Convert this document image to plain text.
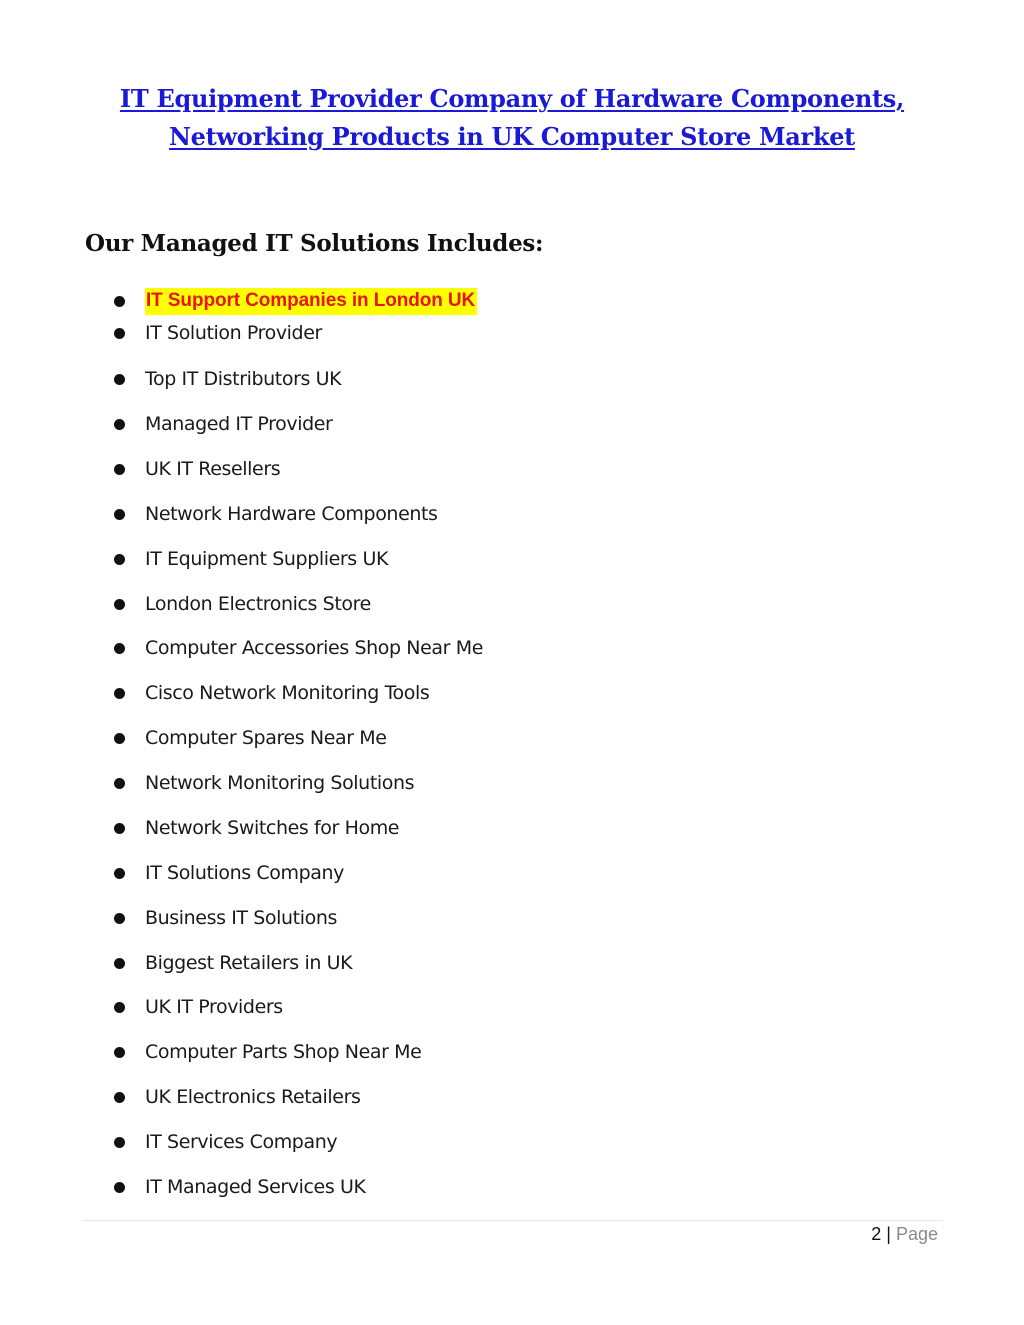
IT Equipment Provider Company of Hardware Components,
Networking Products in UK Computer Store Market
Our Managed IT Solutions Includes:
IT Support Companies in London UK
IT Solution Provider
Top IT Distributors UK
Managed IT Provider
UK IT Resellers
Network Hardware Components
IT Equipment Suppliers UK
London Electronics Store
Computer Accessories Shop Near Me
Cisco Network Monitoring Tools
Computer Spares Near Me
Network Monitoring Solutions
Network Switches for Home
IT Solutions Company
Business IT Solutions
Biggest Retailers in UK
UK IT Providers
Computer Parts Shop Near Me
UK Electronics Retailers
IT Services Company
IT Managed Services UK
2 | Page
